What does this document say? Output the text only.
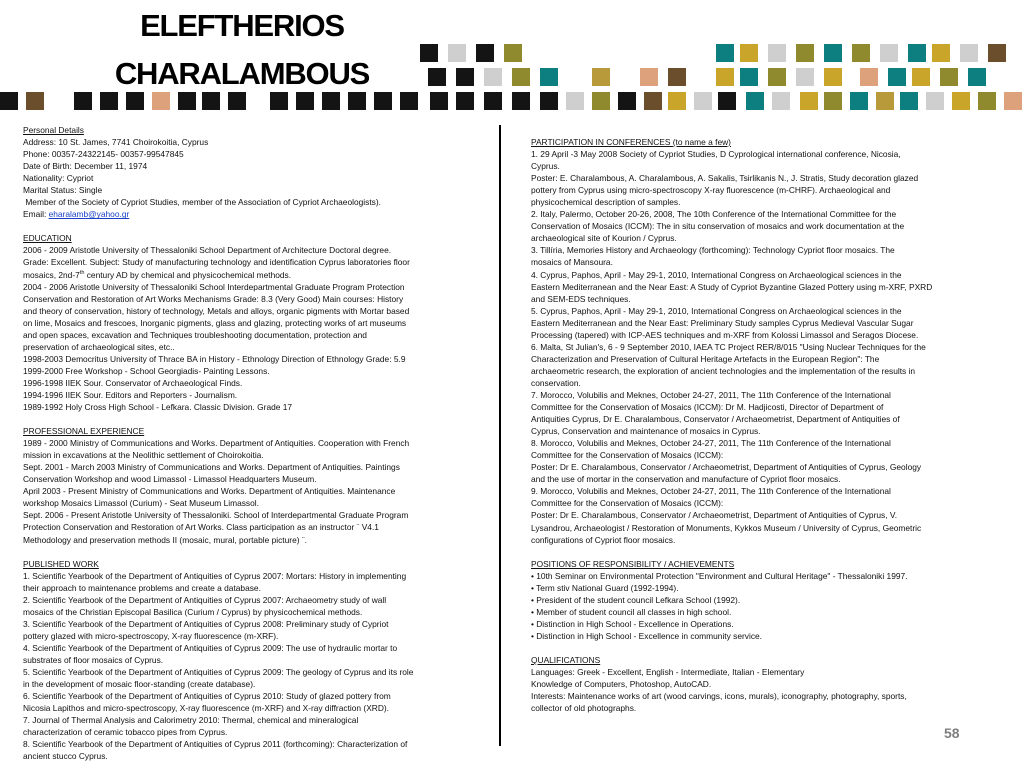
ELEFTHERIOS
CHARALAMBOUS

Personal Details

Address: 10 St. James, 7741 Choirokoitia, Cyprus

Phone: 00357-24322145- 00357-99547845

Date of Birth: December 11, 1974

Nationality: Cypriot

Marital Status: Single

Member of the Society of Cypriot Studies, member of the Association of Cypriot Archaeologists).

Email: eharalamb@yahoo.gr

EDUCATION

2006 - 2009 Aristotle University of Thessaloniki School Department of Architecture Doctoral degree.

Grade: Excellent. Subject: Study of manufacturing technology and identification Cyprus laboratories floor

mosaics, 2nd-7th century AD by chemical and physicochemical methods.

2004 - 2006 Aristotle University of Thessaloniki School Interdepartmental Graduate Program Protection

Conservation and Restoration of Art Works Mechanisms Grade: 8.3 (Very Good) Main courses: History

and theory of conservation, history of technology, Metals and alloys, organic pigments with Mortar based

on lime, Mosaics and frescoes, Inorganic pigments, glass and glazing, protecting works of art museums

and open spaces, excavation and Techniques troubleshooting documentation, protection and

preservation of archaeological sites, etc..

1998-2003 Democritus University of Thrace BA in History - Ethnology Direction of Ethnology Grade: 5.9

1999-2000 Free Workshop - School Georgiadis- Painting Lessons.

1996-1998 IIEK Sour. Conservator of Archaeological Finds.

1994-1996 IIEK Sour. Editors and Reporters - Journalism.

1989-1992 Holy Cross High School - Lefkara. Classic Division. Grade 17

PROFESSIONAL EXPERIENCE

1989 - 2000 Ministry of Communications and Works. Department of Antiquities. Cooperation with French

mission in excavations at the Neolithic settlement of Choirokoitia.

Sept. 2001 - March 2003 Ministry of Communications and Works. Department of Antiquities. Paintings

Conservation Workshop and wood Limassol - Limassol Headquarters Museum.

April 2003 - Present Ministry of Communications and Works. Department of Antiquities. Maintenance

workshop Mosaics Limassol (Curium) - Seat Museum Limassol.

Sept. 2006 - Present Aristotle University of Thessaloniki. School of Interdepartmental Graduate Program

Protection Conservation and Restoration of Art Works. Class participation as an instructor ¨ V4.1

Methodology and preservation methods II (mosaic, mural, portable picture) ¨.

PUBLISHED WORK

1. Scientific Yearbook of the Department of Antiquities of Cyprus 2007: Mortars: History in implementing

their approach to maintenance problems and create a database.

2. Scientific Yearbook of the Department of Antiquities of Cyprus 2007: Archaeometry study of wall

mosaics of the Christian Episcopal Basilica (Curium / Cyprus) by physicochemical methods.

3. Scientific Yearbook of the Department of Antiquities of Cyprus 2008: Preliminary study of Cypriot

pottery glazed with micro-spectroscopy, X-ray fluorescence (m-XRF).

4. Scientific Yearbook of the Department of Antiquities of Cyprus 2009: The use of hydraulic mortar to

substrates of floor mosaics of Cyprus.

5. Scientific Yearbook of the Department of Antiquities of Cyprus 2009: The geology of Cyprus and its role

in the development of mosaic floor-standing (create database).

6. Scientific Yearbook of the Department of Antiquities of Cyprus 2010: Study of glazed pottery from

Nicosia Lapithos and micro-spectroscopy, X-ray fluorescence (m-XRF) and X-ray diffraction (XRD).

7. Journal of Thermal Analysis and Calorimetry 2010: Thermal, chemical and mineralogical

characterization of ceramic tobacco pipes from Cyprus.

8. Scientific Yearbook of the Department of Antiquities of Cyprus 2011 (forthcoming): Characterization of

ancient stucco Cyprus.

PARTICIPATION IN CONFERENCES (to name a few)

1. 29 April -3 May 2008 Society of Cypriot Studies, D Cyprological international conference, Nicosia,

Cyprus.

Poster: E. Charalambous, A. Charalambous, A. Sakalis, Tsirlikanis N., J. Stratis, Study decoration glazed

pottery from Cyprus using micro-spectroscopy X-ray fluorescence (m-CHRF). Archaeological and

physicochemical description of samples.

2. Italy, Palermo, October 20-26, 2008, The 10th Conference of the International Committee for the

Conservation of Mosaics (ICCM): The in situ conservation of mosaics and work documentation at the

archaeological site of Kourion / Cyprus.

3. Tillíria, Memories History and Archaeology (forthcoming): Technology Cypriot floor mosaics. The

mosaics of Mansoura.

4. Cyprus, Paphos, April - May 29-1, 2010, International Congress on Archaeological sciences in the

Eastern Mediterranean and the Near East: A Study of Cypriot Byzantine Glazed Pottery using m-XRF, PXRD

and SEM-EDS techniques.

5. Cyprus, Paphos, April - May 29-1, 2010, International Congress on Archaeological sciences in the

Eastern Mediterranean and the Near East: Preliminary Study samples Cyprus Medieval Vascular Sugar

Processing (tapered) with ICP-AES techniques and m-XRF from Kolossi Limassol and Seragos Diocese.

6. Malta, St Julian's, 6 - 9 September 2010, IAEA TC Project RER/8/015 "Using Nuclear Techniques for the

Characterization and Preservation of Cultural Heritage Artefacts in the European Region": The

archaeometric research, the exploration of ancient technologies and the implementation of the results in

conservation.

7. Morocco, Volubilis and Meknes, October 24-27, 2011, The 11th Conference of the International

Committee for the Conservation of Mosaics (ICCM): Dr M. Hadjicosti, Director of Department of

Antiquities Cyprus, Dr E. Charalambous, Conservator / Archaeometrist, Department of Antiquities of

Cyprus, Conservation and maintenance of mosaics in Cyprus.

8. Morocco, Volubilis and Meknes, October 24-27, 2011, The 11th Conference of the International

Committee for the Conservation of Mosaics (ICCM):

Poster: Dr E. Charalambous, Conservator / Archaeometrist, Department of Antiquities of Cyprus, Geology

and the use of mortar in the conservation and manufacture of Cypriot floor mosaics.

9. Morocco, Volubilis and Meknes, October 24-27, 2011, The 11th Conference of the International

Committee for the Conservation of Mosaics (ICCM):

Poster: Dr E. Charalambous, Conservator / Archaeometrist, Department of Antiquities of Cyprus, V.

Lysandrou, Archaeologist / Restoration of Monuments, Kykkos Museum / University of Cyprus, Geometric

configurations of Cypriot floor mosaics.

POSITIONS OF RESPONSIBILITY / ACHIEVEMENTS

• 10th Seminar on Environmental Protection "Environment and Cultural Heritage" - Thessaloniki 1997.

• Term stiv National Guard (1992-1994).

• President of the student council Lefkara School (1992).

• Member of student council all classes in high school.

• Distinction in High School - Excellence in Operations.

• Distinction in High School - Excellence in community service.

QUALIFICATIONS

Languages: Greek - Excellent, English - Intermediate, Italian - Elementary

Knowledge of Computers, Photoshop, AutoCAD.

Interests: Maintenance works of art (wood carvings, icons, murals), iconography, photography, sports,

collector of old photographs.

58
